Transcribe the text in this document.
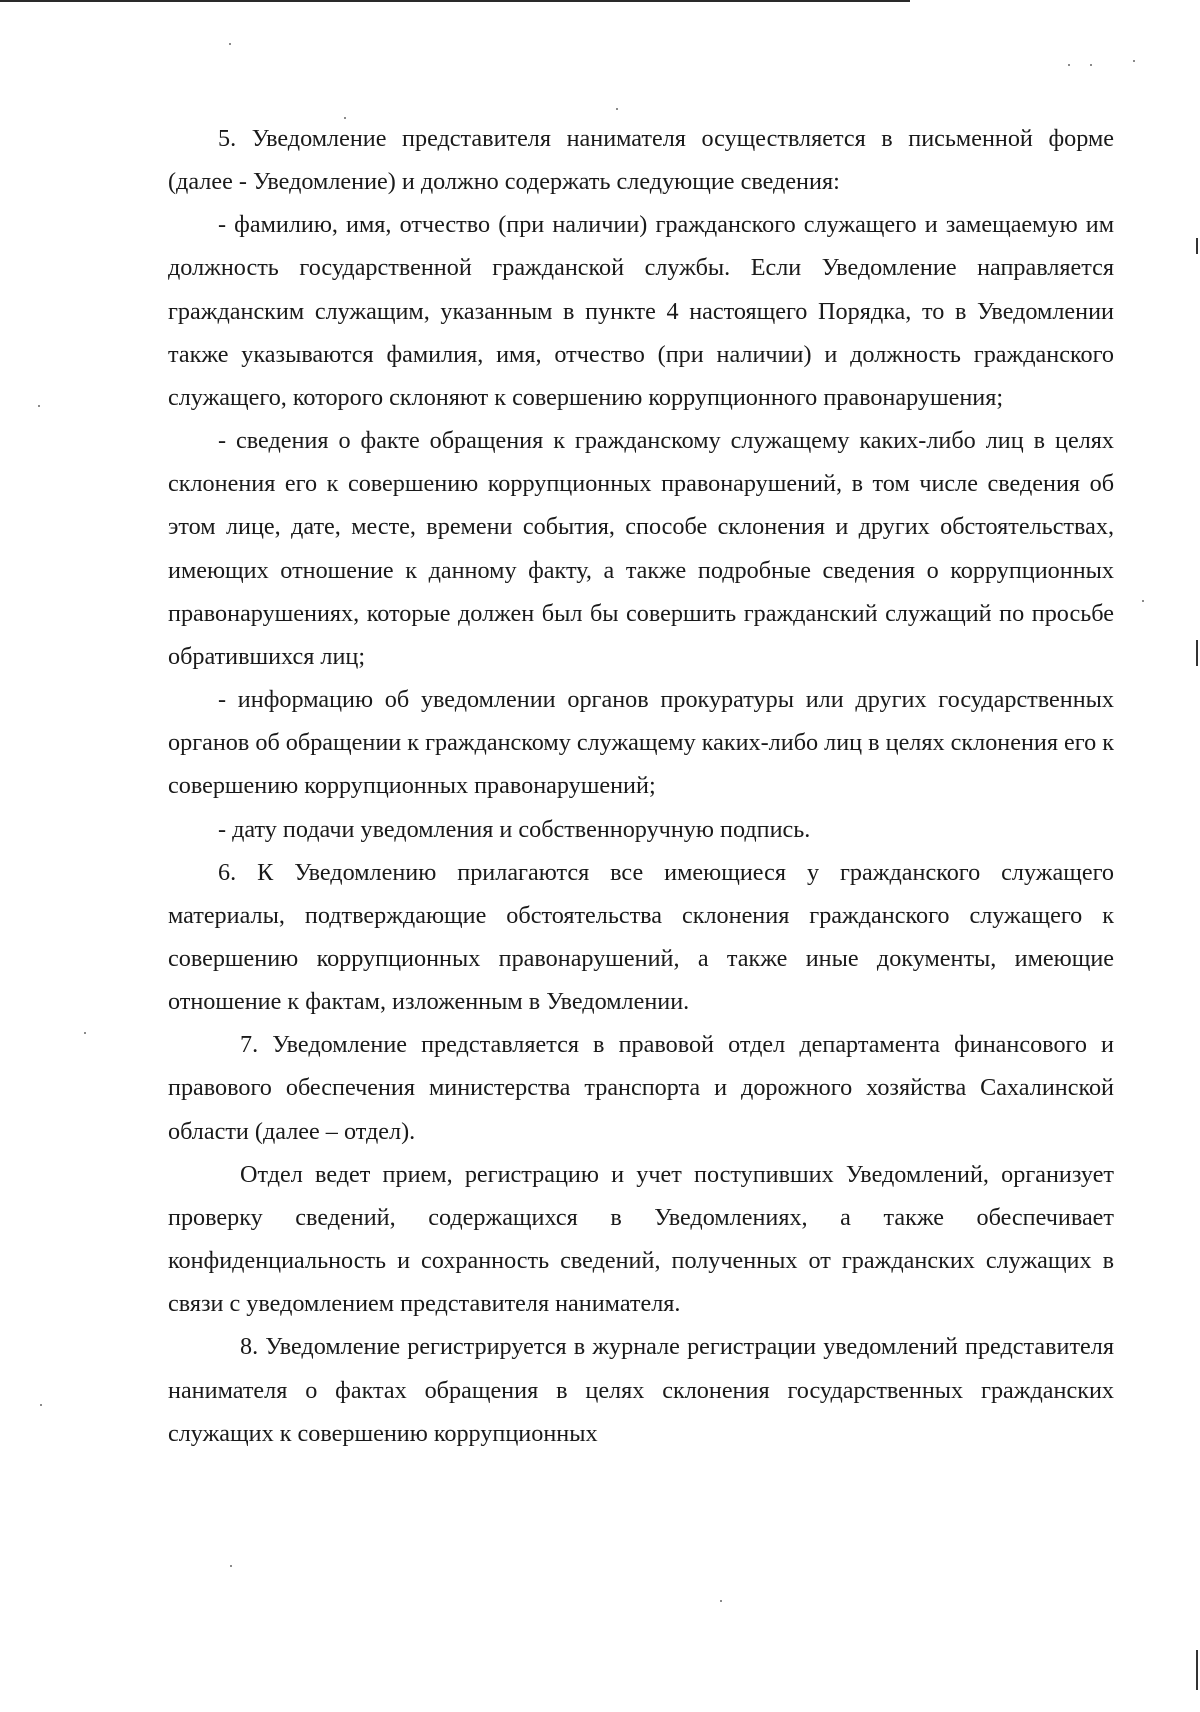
5. Уведомление представителя нанимателя осуществляется в письменной форме (далее - Уведомление) и должно содержать следующие сведения:

- фамилию, имя, отчество (при наличии) гражданского служащего и замещаемую им должность государственной гражданской службы. Если Уведомление направляется гражданским служащим, указанным в пункте 4 настоящего Порядка, то в Уведомлении также указываются фамилия, имя, отчество (при наличии) и должность гражданского служащего, которого склоняют к совершению коррупционного правонарушения;

- сведения о факте обращения к гражданскому служащему каких-либо лиц в целях склонения его к совершению коррупционных правонарушений, в том числе сведения об этом лице, дате, месте, времени события, способе склонения и других обстоятельствах, имеющих отношение к данному факту, а также подробные сведения о коррупционных правонарушениях, которые должен был бы совершить гражданский служащий по просьбе обратившихся лиц;

- информацию об уведомлении органов прокуратуры или других государственных органов об обращении к гражданскому служащему каких-либо лиц в целях склонения его к совершению коррупционных правонарушений;

- дату подачи уведомления и собственноручную подпись.

6. К Уведомлению прилагаются все имеющиеся у гражданского служащего материалы, подтверждающие обстоятельства склонения гражданского служащего к совершению коррупционных правонарушений, а также иные документы, имеющие отношение к фактам, изложенным в Уведомлении.

7. Уведомление представляется в правовой отдел департамента финансового и правового обеспечения министерства транспорта и дорожного хозяйства Сахалинской области (далее – отдел).

Отдел ведет прием, регистрацию и учет поступивших Уведомлений, организует проверку сведений, содержащихся в Уведомлениях, а также обеспечивает конфиденциальность и сохранность сведений, полученных от гражданских служащих в связи с уведомлением представителя нанимателя.

8. Уведомление регистрируется в журнале регистрации уведомлений представителя нанимателя о фактах обращения в целях склонения государственных гражданских служащих к совершению коррупционных
